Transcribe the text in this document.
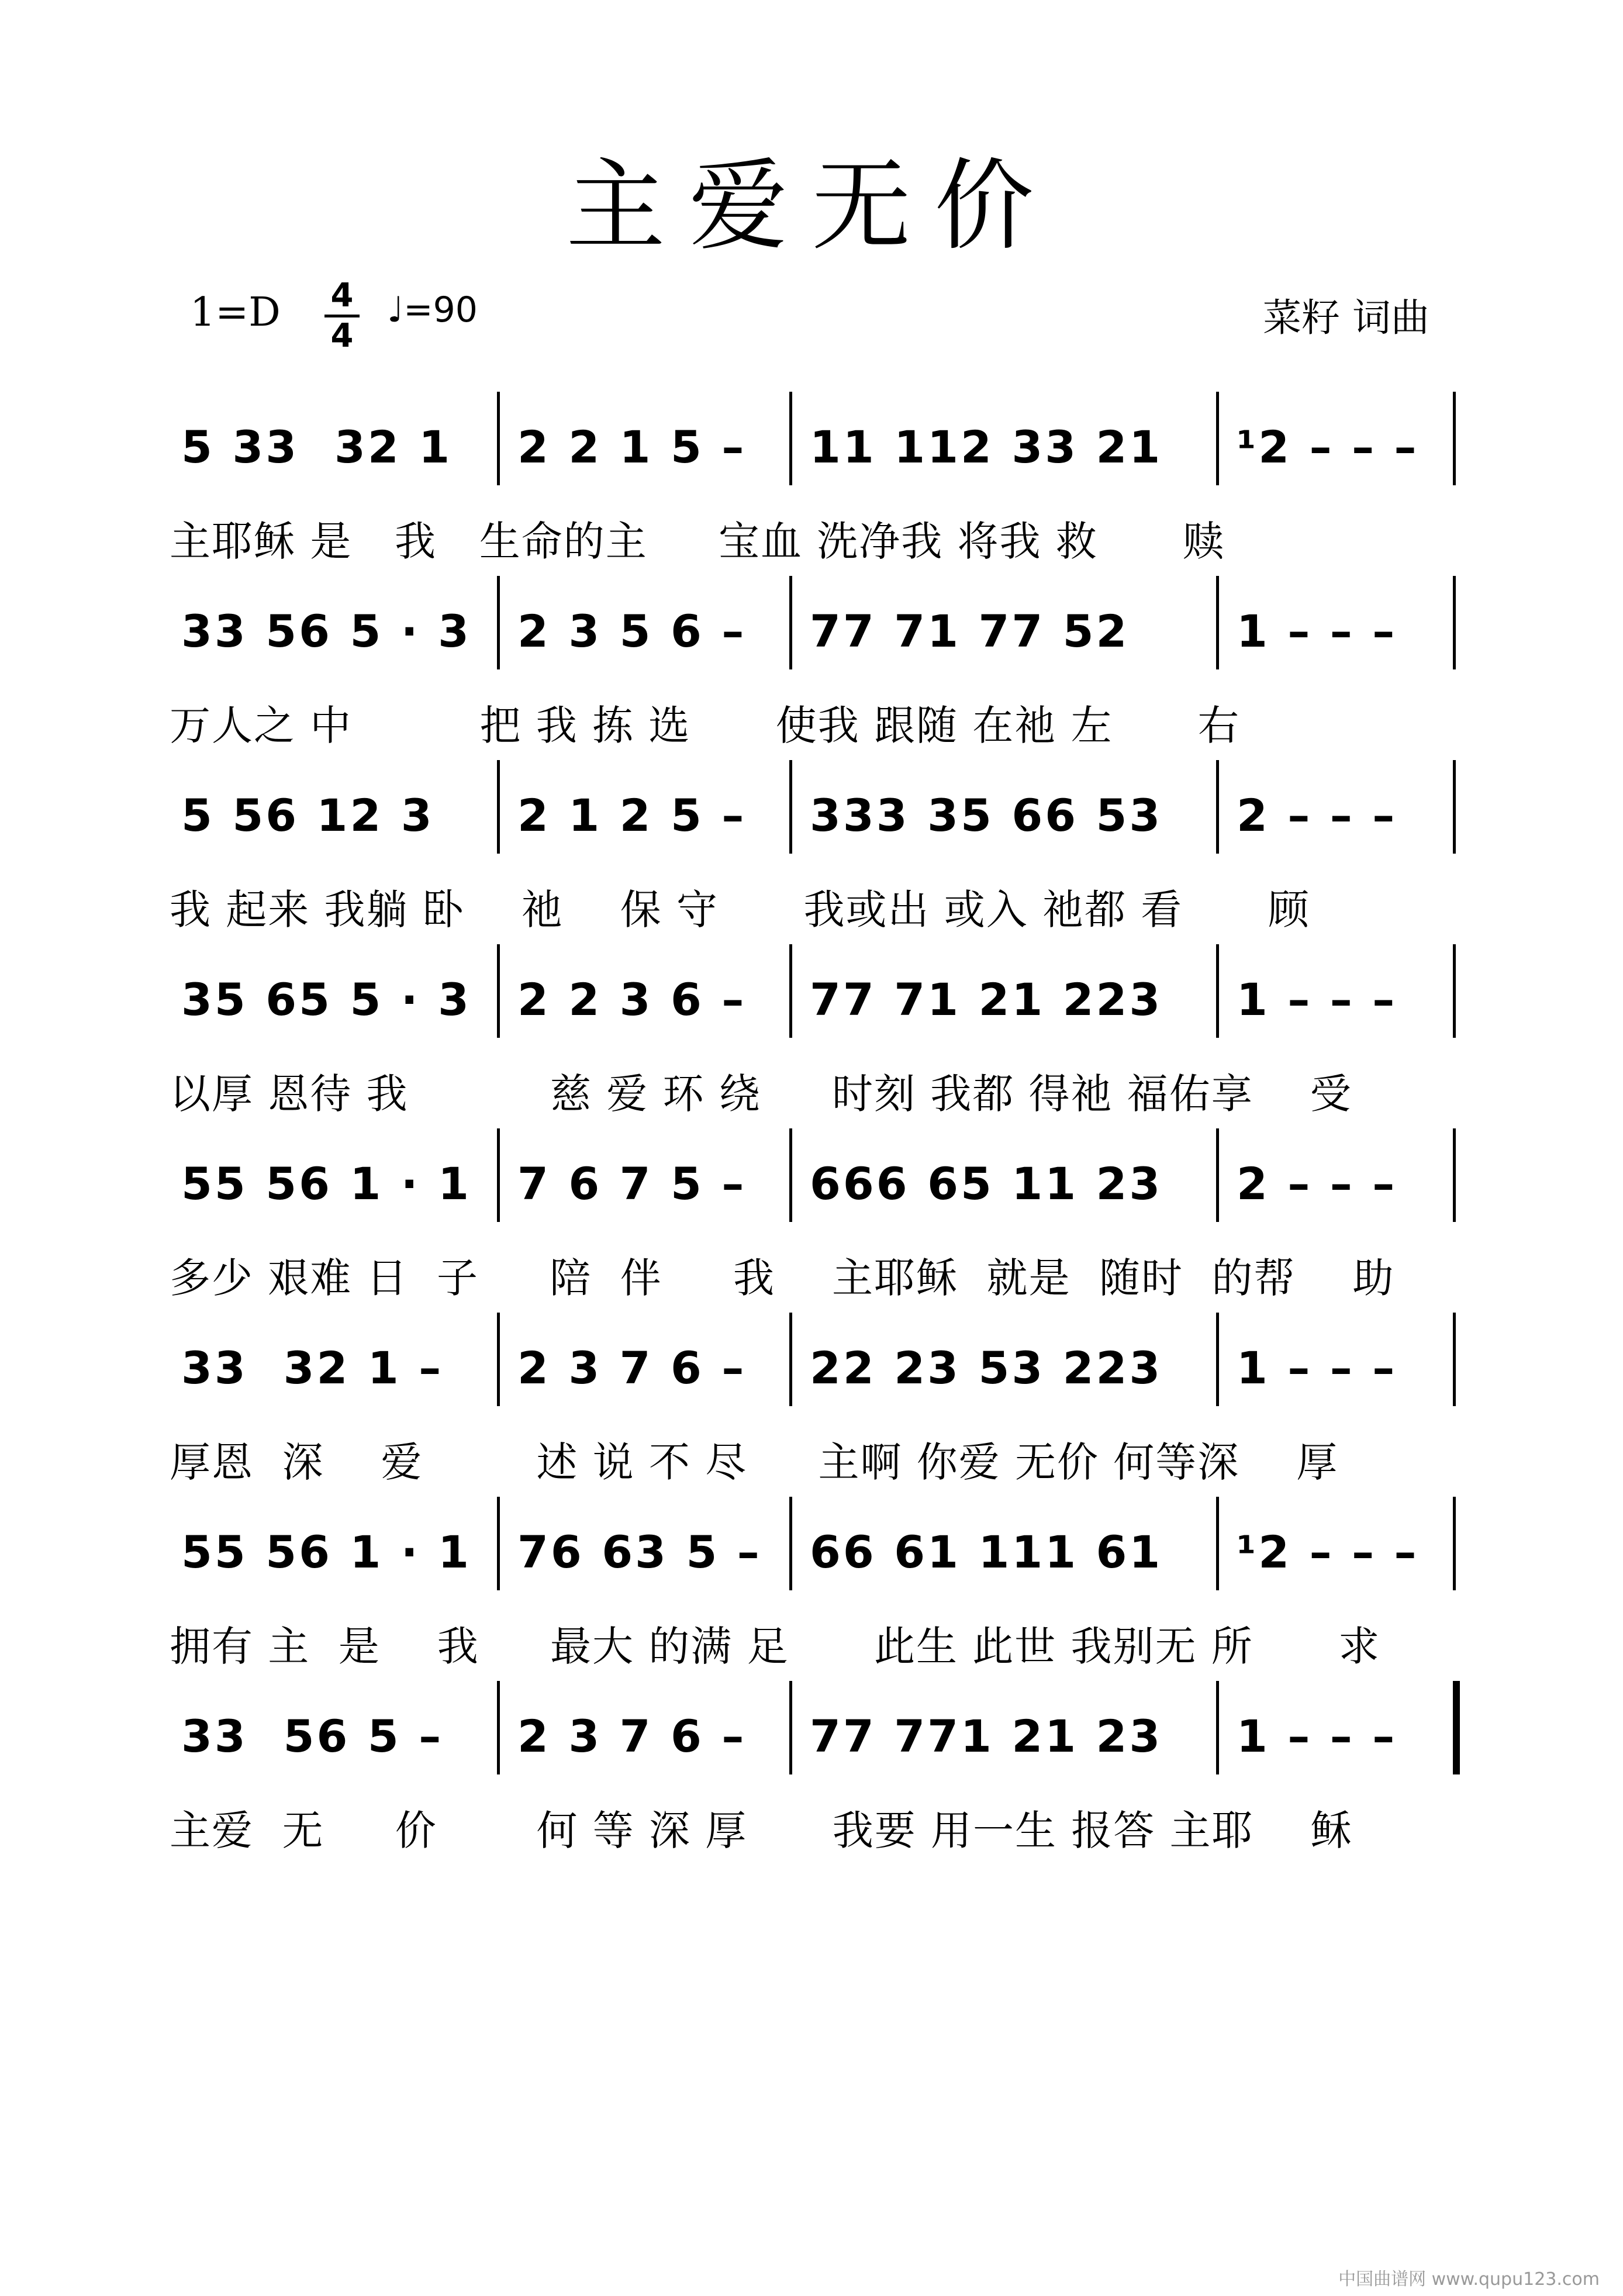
主爱无价
1=D 4
4
♩=90	菜籽 词曲
5 33  32 1 2 2 1 5 – 11 112 33 21 ¹2 – – –
主耶稣 是   我   生命的主     宝血 洗净我 将我 救      赎
33 56 5 · 3 2 3 5 6 – 77 71 77 52 1 – – –
万人之 中         把 我 拣 选      使我 跟随 在祂 左      右
5 56 12 3 2 1 2 5 – 333 35 66 53 2 – – –
我 起来 我躺 卧    祂    保 守      我或出 或入 祂都 看      顾
35 65 5 · 3 2 2 3 6 – 77 71 21 223 1 – – –
以厚 恩待 我          慈 爱 环 绕     时刻 我都 得祂 福佑享    受
55 56 1 · 1 7 6 7 5 – 666 65 11 23 2 – – –
多少 艰难 日  子     陪  伴     我    主耶稣  就是  随时  的帮    助
33  32 1 – 2 3 7 6 – 22 23 53 223 1 – – –
厚恩  深    爱        述 说 不 尽     主啊 你爱 无价 何等深    厚
55 56 1 · 1 76 63 5 – 66 61 111 61 ¹2 – – –
拥有 主  是    我     最大 的满 足      此生 此世 我别无 所      求
33  56 5 – 2 3 7 6 – 77 771 21 23 1 – – –
主爱  无     价       何 等 深 厚      我要 用一生 报答 主耶    稣
中国曲谱网 www.qupu123.com
